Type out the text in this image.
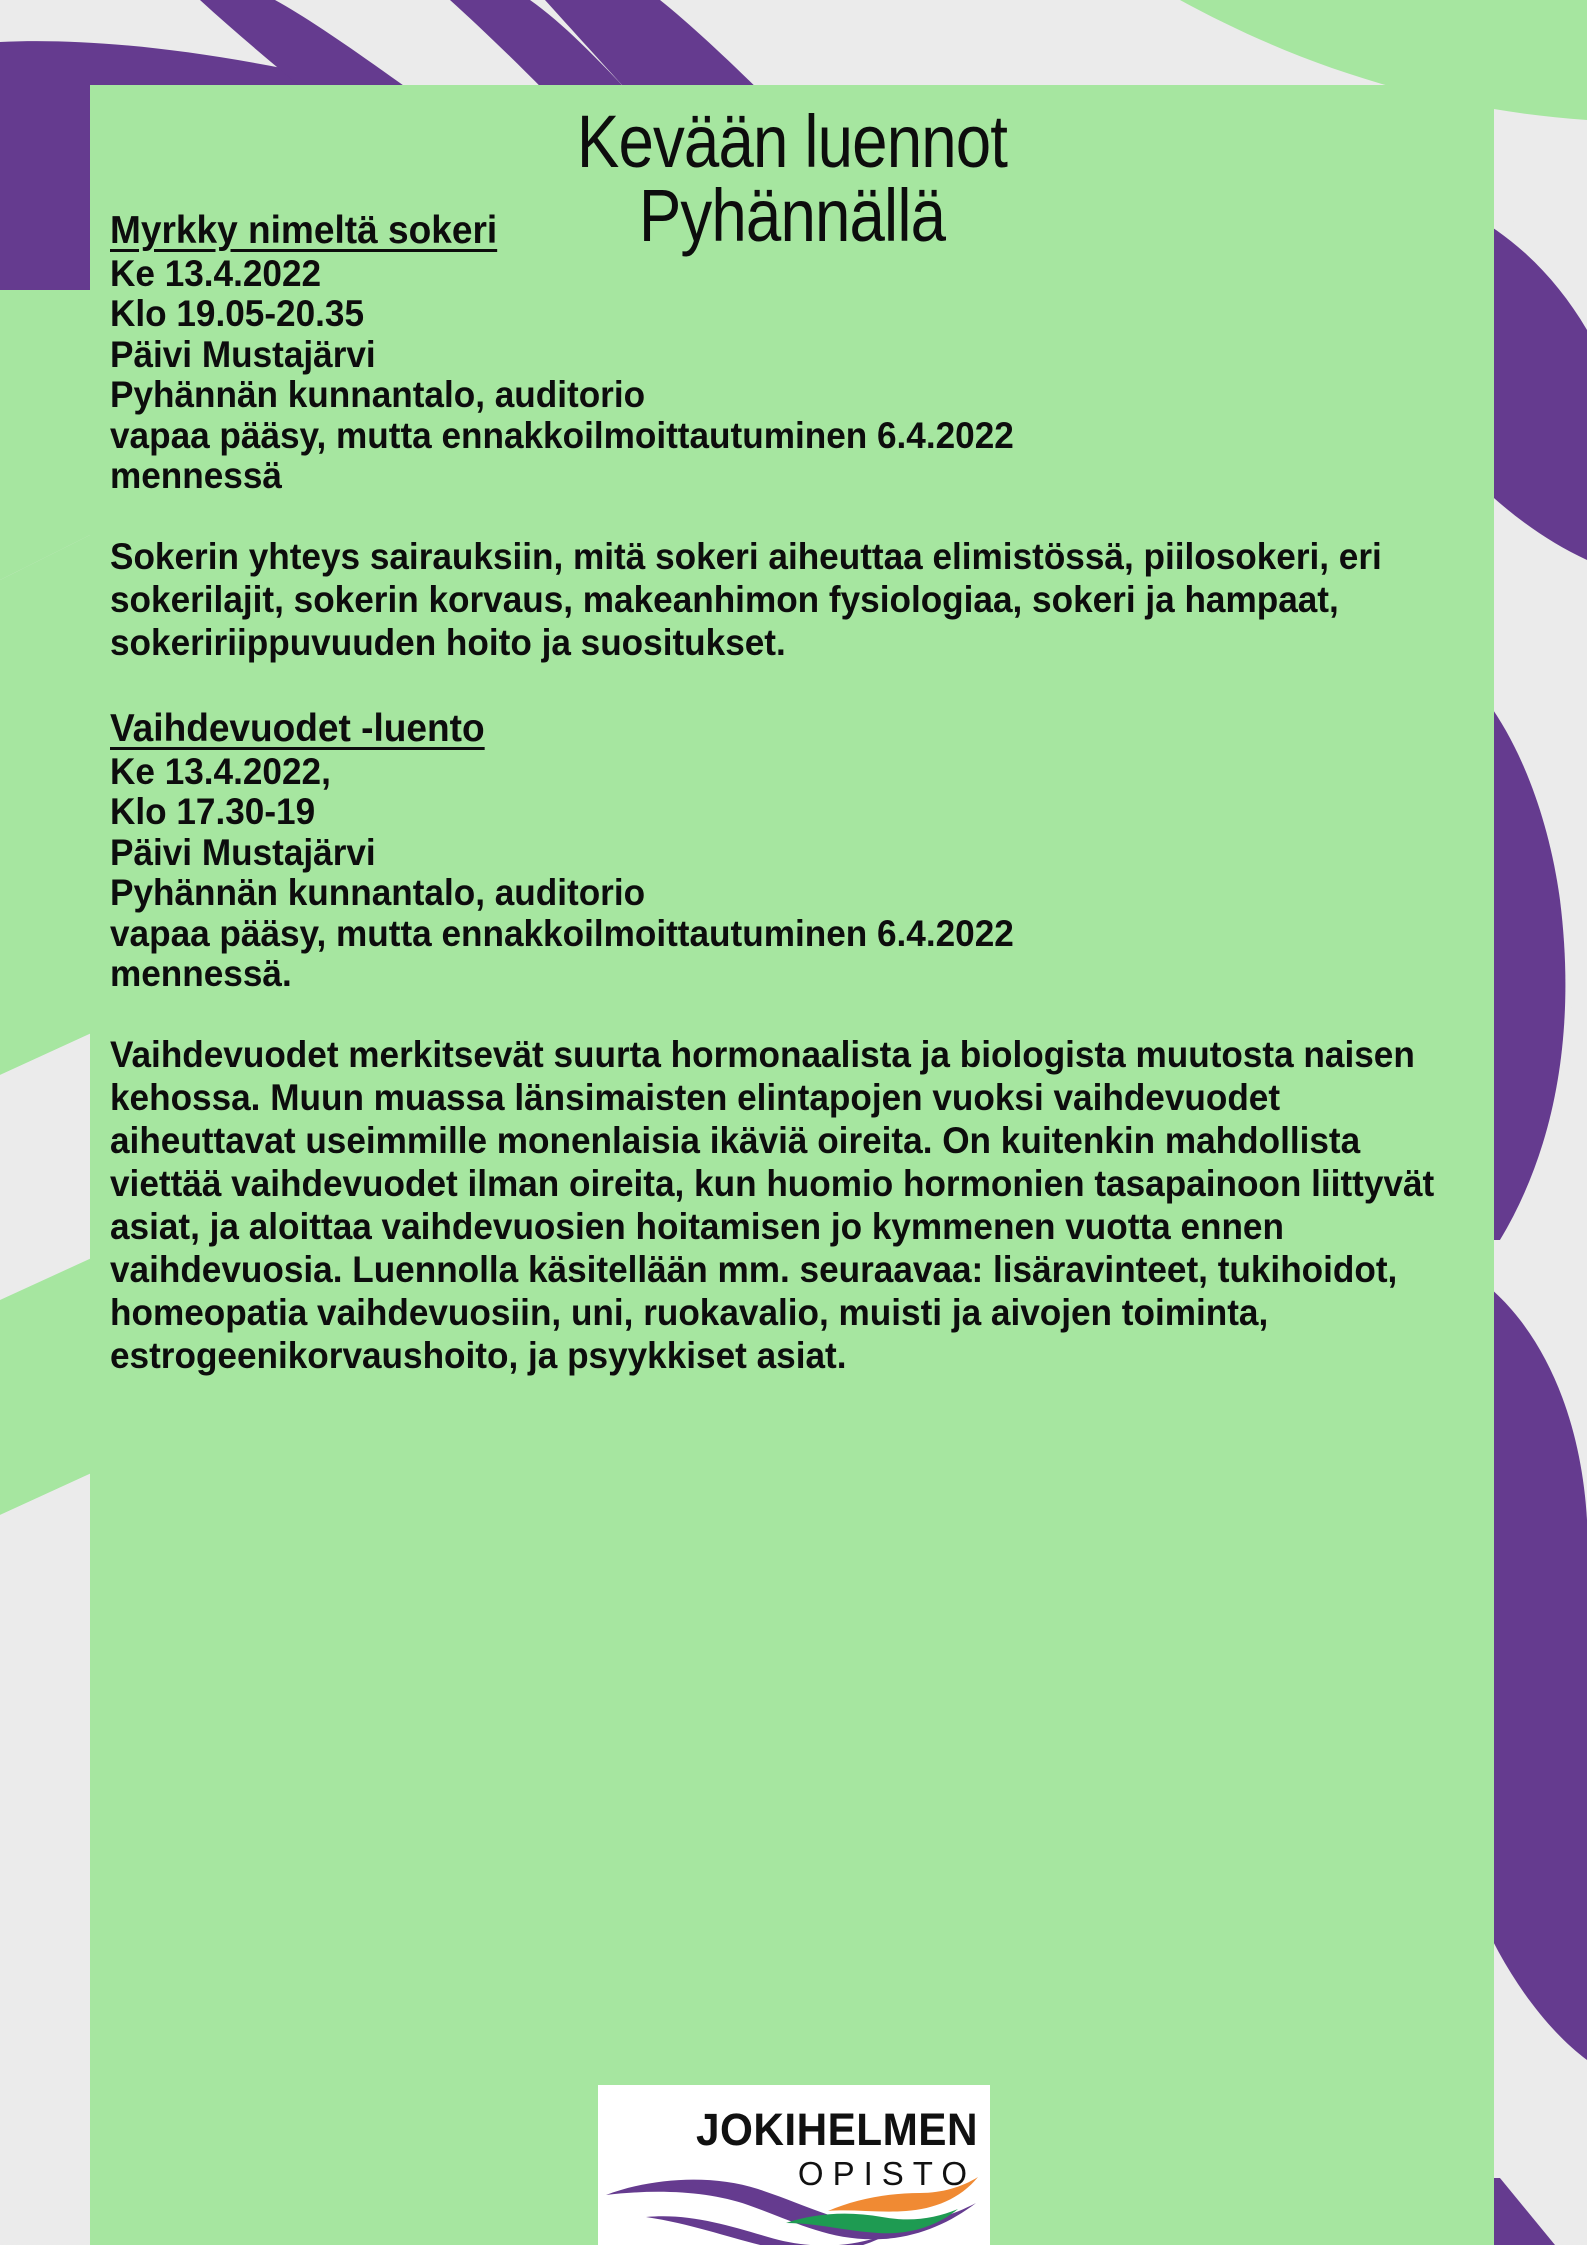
Kevään luennot
Pyhännällä
Myrkky nimeltä sokeri
Ke 13.4.2022
Klo 19.05-20.35
Päivi Mustajärvi
Pyhännän kunnantalo, auditorio
vapaa pääsy, mutta ennakkoilmoittautuminen 6.4.2022
mennessä
Sokerin yhteys sairauksiin, mitä sokeri aiheuttaa elimistössä, piilosokeri, eri sokerilajit, sokerin korvaus, makeanhimon fysiologiaa, sokeri ja hampaat, sokeririippuvuuden hoito ja suositukset.
Vaihdevuodet -luento
Ke 13.4.2022,
Klo 17.30-19
Päivi Mustajärvi
Pyhännän kunnantalo, auditorio
vapaa pääsy, mutta ennakkoilmoittautuminen 6.4.2022
mennessä.
Vaihdevuodet merkitsevät suurta hormonaalista ja biologista muutosta naisen kehossa. Muun muassa länsimaisten elintapojen vuoksi vaihdevuodet aiheuttavat useimmille monenlaisia ikäviä oireita. On kuitenkin mahdollista viettää vaihdevuodet ilman oireita, kun huomio hormonien tasapainoon liittyvät asiat, ja aloittaa vaihdevuosien hoitamisen jo kymmenen vuotta ennen vaihdevuosia. Luennolla käsitellään mm. seuraavaa: lisäravinteet, tukihoidot, homeopatia vaihdevuosiin, uni, ruokavalio, muisti ja aivojen toiminta, estrogeenikorvaushoito, ja psyykkiset asiat.
JOKIHELMEN
OPISTO
